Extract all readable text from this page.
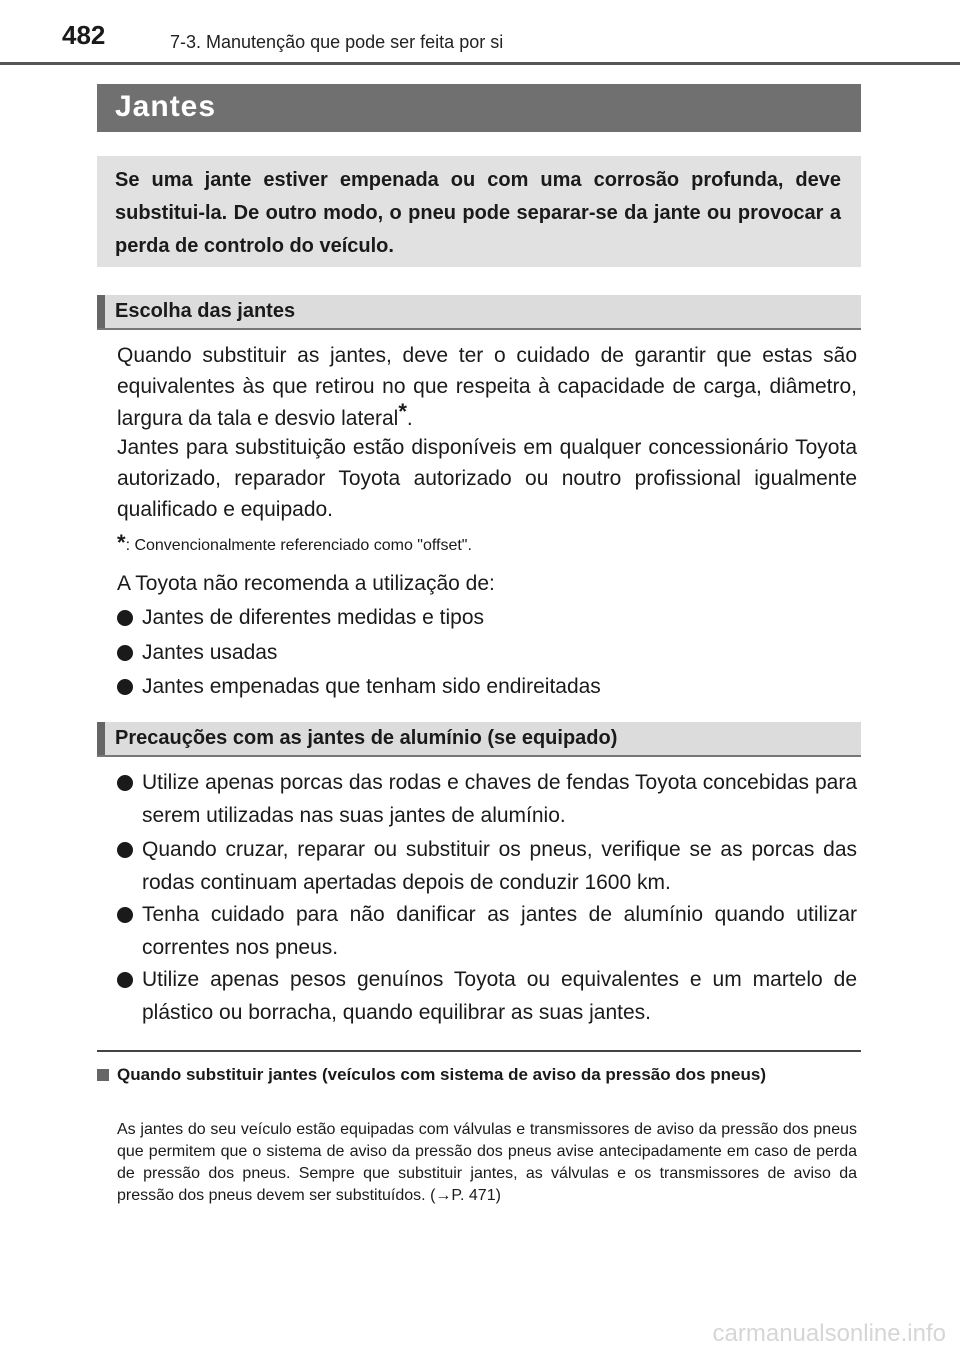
482	7-3. Manutenção que pode ser feita por si
Jantes

Se uma jante estiver empenada ou com uma corrosão profunda, deve substitui-la. De outro modo, o pneu pode separar-se da jante ou provocar a perda de controlo do veículo.

Escolha das jantes

Quando substituir as jantes, deve ter o cuidado de garantir que estas são equivalentes às que retirou no que respeita à capacidade de carga, diâmetro, largura da tala e desvio lateral*.

Jantes para substituição estão disponíveis em qualquer concessionário Toyota autorizado, reparador Toyota autorizado ou noutro profissional igualmente qualificado e equipado.

*: Convencionalmente referenciado como "offset".

A Toyota não recomenda a utilização de:

Jantes de diferentes medidas e tipos
Jantes usadas
Jantes empenadas que tenham sido endireitadas
Precauções com as jantes de alumínio (se equipado)
Utilize apenas porcas das rodas e chaves de fendas Toyota concebidas para serem utilizadas nas suas jantes de alumínio.
Quando cruzar, reparar ou substituir os pneus, verifique se as porcas das rodas continuam apertadas depois de conduzir 1600 km.
Tenha cuidado para não danificar as jantes de alumínio quando utilizar correntes nos pneus.
Utilize apenas pesos genuínos Toyota ou equivalentes e um martelo de plástico ou borracha, quando equilibrar as suas jantes.

Quando substituir jantes (veículos com sistema de aviso da pressão dos pneus)

As jantes do seu veículo estão equipadas com válvulas e transmissores de aviso da pressão dos pneus que permitem que o sistema de aviso da pressão dos pneus avise antecipadamente em caso de perda de pressão dos pneus. Sempre que substituir jantes, as válvulas e os transmissores de aviso da pressão dos pneus devem ser substituídos. (→P. 471)

carmanualsonline.info
